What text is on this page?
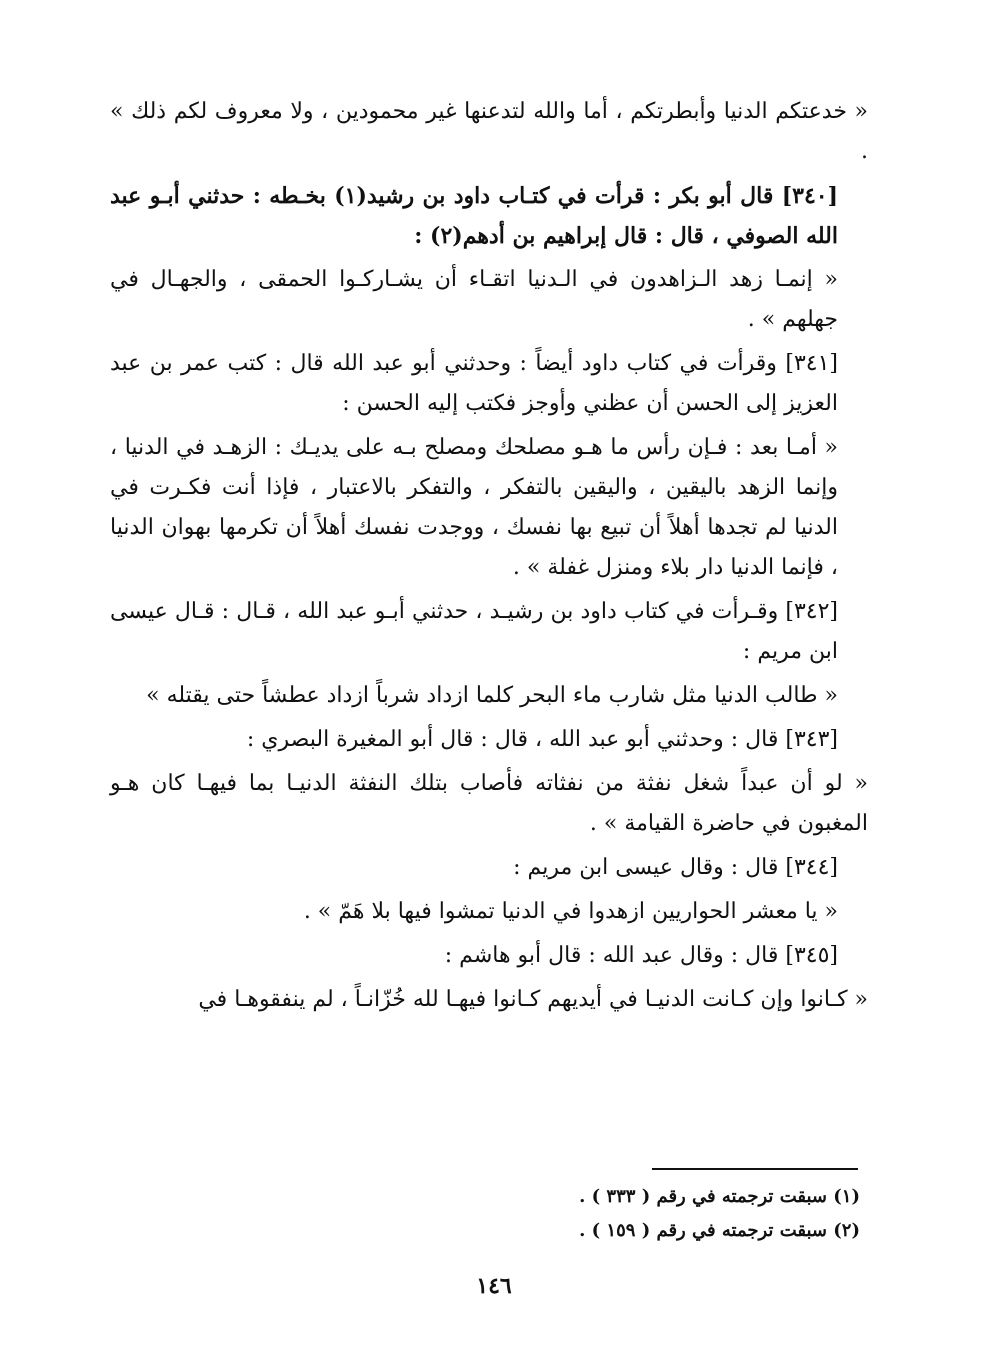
« خدعتكم الدنيا وأبطرتكم ، أما والله لتدعنها غير محمودين ، ولا معروف لكم ذلك » .

[٣٤٠] قال أبو بكر : قرأت في كتـاب داود بن رشيد(١) بخـطه : حدثني أبـو عبد الله الصوفي ، قال : قال إبراهيم بن أدهم(٢) :

« إنمـا زهد الـزاهدون في الـدنيا اتقـاء أن يشـاركـوا الحمقى ، والجهـال في جهلهم » .

[٣٤١] وقرأت في كتاب داود أيضاً : وحدثني أبو عبد الله قال : كتب عمر بن عبد العزيز إلى الحسن أن عظني وأوجز فكتب إليه الحسن :

« أمـا بعد : فـإن رأس ما هـو مصلحك ومصلح بـه على يديـك : الزهـد في الدنيا ، وإنما الزهد باليقين ، واليقين بالتفكر ، والتفكر بالاعتبار ، فإذا أنت فكـرت في الدنيا لم تجدها أهلاً أن تبيع بها نفسك ، ووجدت نفسك أهلاً أن تكرمها بهوان الدنيا ، فإنما الدنيا دار بلاء ومنزل غفلة » .

[٣٤٢] وقـرأت في كتاب داود بن رشيـد ، حدثني أبـو عبد الله ، قـال : قـال عيسى ابن مريم :

« طالب الدنيا مثل شارب ماء البحر كلما ازداد شرباً ازداد عطشاً حتى يقتله »

[٣٤٣] قال : وحدثني أبو عبد الله ، قال : قال أبو المغيرة البصري :

« لو أن عبداً شغل نفثة من نفثاته فأصاب بتلك النفثة الدنيـا بما فيهـا كان هـو المغبون في حاضرة القيامة » .

[٣٤٤] قال : وقال عيسى ابن مريم :

« يا معشر الحواريين ازهدوا في الدنيا تمشوا فيها بلا هَمّ » .

[٣٤٥] قال : وقال عبد الله : قال أبو هاشم :

« كـانوا وإن كـانت الدنيـا في أيديهم كـانوا فيهـا لله خُزّانـاً ، لم ينفقوهـا في

(١) سبقت ترجمته في رقم ( ٣٣٣ ) .
(٢) سبقت ترجمته في رقم ( ١٥٩ ) .
١٤٦
